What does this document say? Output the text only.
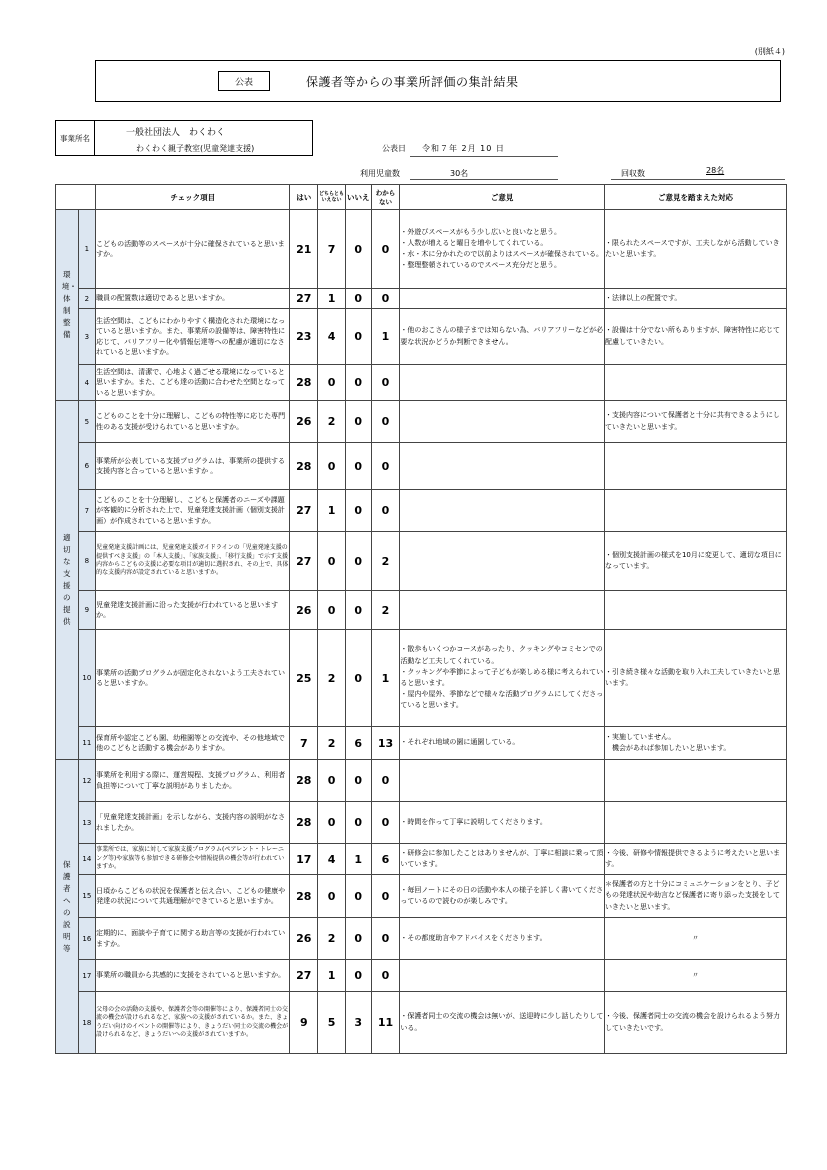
(別紙４)
公表	保護者等からの事業所評価の集計結果
事業所名	一般社団法人　わくわく
わくわく親子教室(児童発達支援)	公表日 令和７年 2月 10 日
利用児童数	30名	回収数	28名
		チェック項目	はい	どちらとも
いえない	いいえ	わから
ない	ご意見	ご意見を踏まえた対応

環境・体制整備	1	こどもの活動等のスペースが十分に確保されていると思いますか。	21	7	0	0	・外遊びスペースがもう少し広いと良いなと思う。
・人数が増えると曜日を増やしてくれている。
・水・木に分かれたので以前よりはスペースが確保されている。
・整理整頓されているのでスペース充分だと思う。	・限られたスペースですが、工夫しながら活動していきたいと思います。
	2	職員の配置数は適切であると思いますか。	27	1	0	0		・法律以上の配置です。
	3	生活空間は、こどもにわかりやすく構造化された環境になっていると思いますか。また、事業所の設備等は、障害特性に応じて、バリアフリー化や情報伝達等への配慮が適切になされていると思いますか。	23	4	0	1	・他のおこさんの様子までは知らない為、バリアフリーなどが必要な状況かどうか判断できません。	・設備は十分でない所もありますが、障害特性に応じて配慮していきたい。
	4	生活空間は、清潔で、心地よく過ごせる環境になっていると思いますか。また、こども達の活動に合わせた空間となっていると思いますか。	28	0	0	0		

適切な支援の提供	5	こどものことを十分に理解し、こどもの特性等に応じた専門性のある支援が受けられていると思いますか。	26	2	0	0		・支援内容について保護者と十分に共有できるようにしていきたいと思います。
	6	事業所が公表している支援プログラムは、事業所の提供する支援内容と合っていると思いますか 。	28	0	0	0		
	7	こどものことを十分理解し、こどもと保護者のニーズや課題が客観的に分析された上で、児童発達支援計画（個別支援計画）が作成されていると思いますか。	27	1	0	0		
	8	児童発達支援計画には、児童発達支援ガイドラインの「児童発達支援の提供すべき支援」の「本人支援」、「家族支援」、「移行支援」で示す支援内容からこどもの支援に必要な項目が適切に選択され、その上で、具体的な支援内容が設定されていると思いますか。	27	0	0	2		・個別支援計画の様式を10月に変更して、適切な項目になっています。
	9	児童発達支援計画に沿った支援が行われていると思いますか。	26	0	0	2		
	10	事業所の活動プログラムが固定化されないよう工夫されていると思いますか。	25	2	0	1	・散歩もいくつかコースがあったり、クッキングやコミセンでの活動など工夫してくれている。
・クッキングや季節によって子どもが楽しめる様に考えられていると思います。
・屋内や屋外、季節などで様々な活動プログラムにしてくださっていると思います。	・引き続き様々な活動を取り入れ工夫していきたいと思います。
	11	保育所や認定こども園、幼稚園等との交流や、その他地域で他のこどもと活動する機会がありますか。	7	2	6	13	・それぞれ地域の園に通園している。	・実施していません。
　機会があれば参加したいと思います。

保護者への説明等	12	事業所を利用する際に、運営規程、支援プログラム、利用者負担等について丁寧な説明がありましたか。	28	0	0	0		
	13	「児童発達支援計画」を示しながら、支援内容の説明がなされましたか。	28	0	0	0	・時間を作って丁寧に説明してくださります。	
	14	事業所では、家族に対して家族支援プログラム(ペアレント・トレーニング等)や家族等も参加できる研修会や情報提供の機会等が行われていますか。	17	4	1	6	・研修会に参加したことはありませんが、丁寧に相談に乗って頂いています。	・今後、研修や情報提供できるように考えたいと思います。
	15	日頃からこどもの状況を保護者と伝え合い、こどもの健康や発達の状況について共通理解ができていると思いますか。	28	0	0	0	・毎回ノートにその日の活動や本人の様子を詳しく書いてくださっているので読むのが楽しみです。	＊保護者の方と十分にコミュニケーションをとり、子どもの発達状況や助言など保護者に寄り添った支援をしていきたいと思います。
	16	定期的に、面談や子育てに関する助言等の支援が行われていますか。	26	2	0	0	・その都度助言やアドバイスをくださります。	〃
	17	事業所の職員から共感的に支援をされていると思いますか。	27	1	0	0		〃
	18	父母の会の活動の支援や、保護者会等の開催等により、保護者同士の交流の機会が設けられるなど、家族への支援がされているか。また、きょうだい向けのイベントの開催等により、きょうだい同士の交流の機会が設けられるなど、きょうだいへの支援がされていますか。	9	5	3	11	・保護者同士の交流の機会は無いが、送迎時に少し話したりしている。	・今後、保護者同士の交流の機会を設けられるよう努力していきたいです。
